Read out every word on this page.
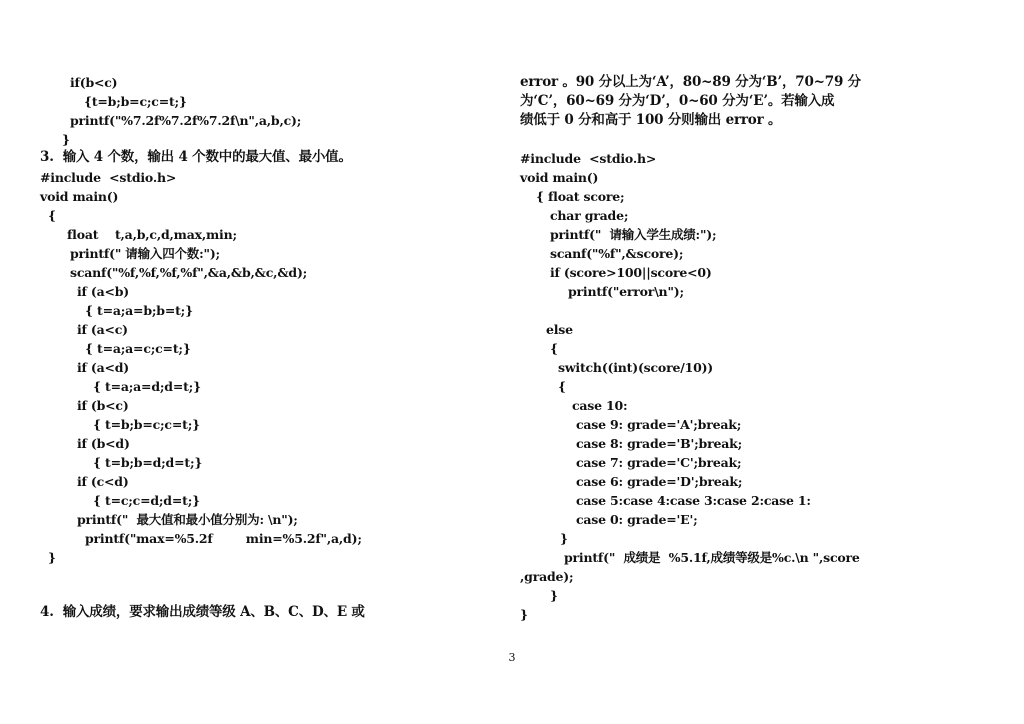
if(b<c)
{t=b;b=c;c=t;}
printf("%7.2f%7.2f%7.2f\n",a,b,c);
}
3.  输入 4 个数，输出 4 个数中的最大值、最小值。
#include  <stdio.h>
void main()
{
float    t,a,b,c,d,max,min;
printf(" 请输入四个数:");
scanf("%f,%f,%f,%f",&a,&b,&c,&d);
if (a<b)
{ t=a;a=b;b=t;}
if (a<c)
{ t=a;a=c;c=t;}
if (a<d)
{ t=a;a=d;d=t;}
if (b<c)
{ t=b;b=c;c=t;}
if (b<d)
{ t=b;b=d;d=t;}
if (c<d)
{ t=c;c=d;d=t;}
printf("  最大值和最小值分别为: \n");
printf("max=%5.2f        min=%5.2f",a,d);
}
4.  输入成绩，要求输出成绩等级 A、B、C、D、E 或
error 。90 分以上为‘A’，80~89 分为‘B’，70~79 分
为‘C’，60~69 分为‘D’，0~60 分为‘E’。若输入成
绩低于 0 分和高于 100 分则输出 error 。
#include  <stdio.h>
void main()
{ float score;
char grade;
printf("  请输入学生成绩:");
scanf("%f",&score);
if (score>100||score<0)
printf("error\n");
else
{
switch((int)(score/10))
{
case 10:
case 9: grade='A';break;
case 8: grade='B';break;
case 7: grade='C';break;
case 6: grade='D';break;
case 5:case 4:case 3:case 2:case 1:
case 0: grade='E';
}
printf("  成绩是  %5.1f,成绩等级是%c.\n ",score
,grade);
}
}
3
